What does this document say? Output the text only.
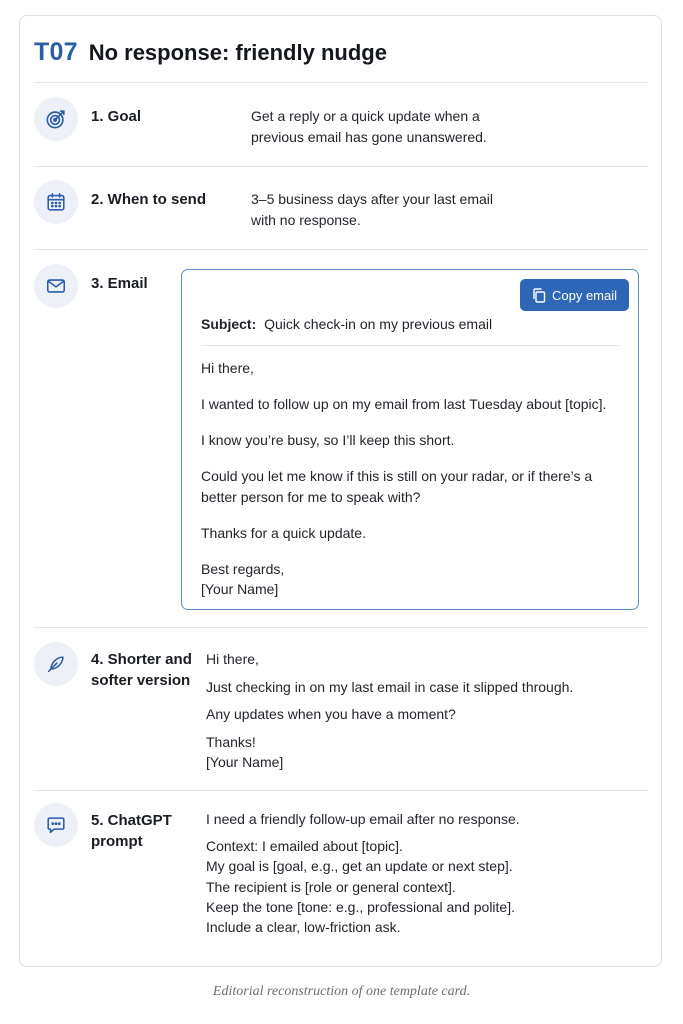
T07 No response: friendly nudge
1. Goal	Get a reply or a quick update when a

previous email has gone unanswered.

2. When to send	3–5 business days after your last email

with no response.

3. Email
Copy email
Subject: Quick check-in on my previous email

Hi there,

I wanted to follow up on my email from last Tuesday about [topic].

I know you’re busy, so I’ll keep this short.

Could you let me know if this is still on your radar, or if there’s a better person for me to speak with?

Thanks for a quick update.

Best regards,

[Your Name]

4. Shorter and
softer version

Hi there,

Just checking in on my last email in case it slipped through.

Any updates when you have a moment?

Thanks!

[Your Name]

5. ChatGPT
prompt

I need a friendly follow-up email after no response.

Context: I emailed about [topic].

My goal is [goal, e.g., get an update or next step].

The recipient is [role or general context].

Keep the tone [tone: e.g., professional and polite].

Include a clear, low-friction ask.

Editorial reconstruction of one template card.
